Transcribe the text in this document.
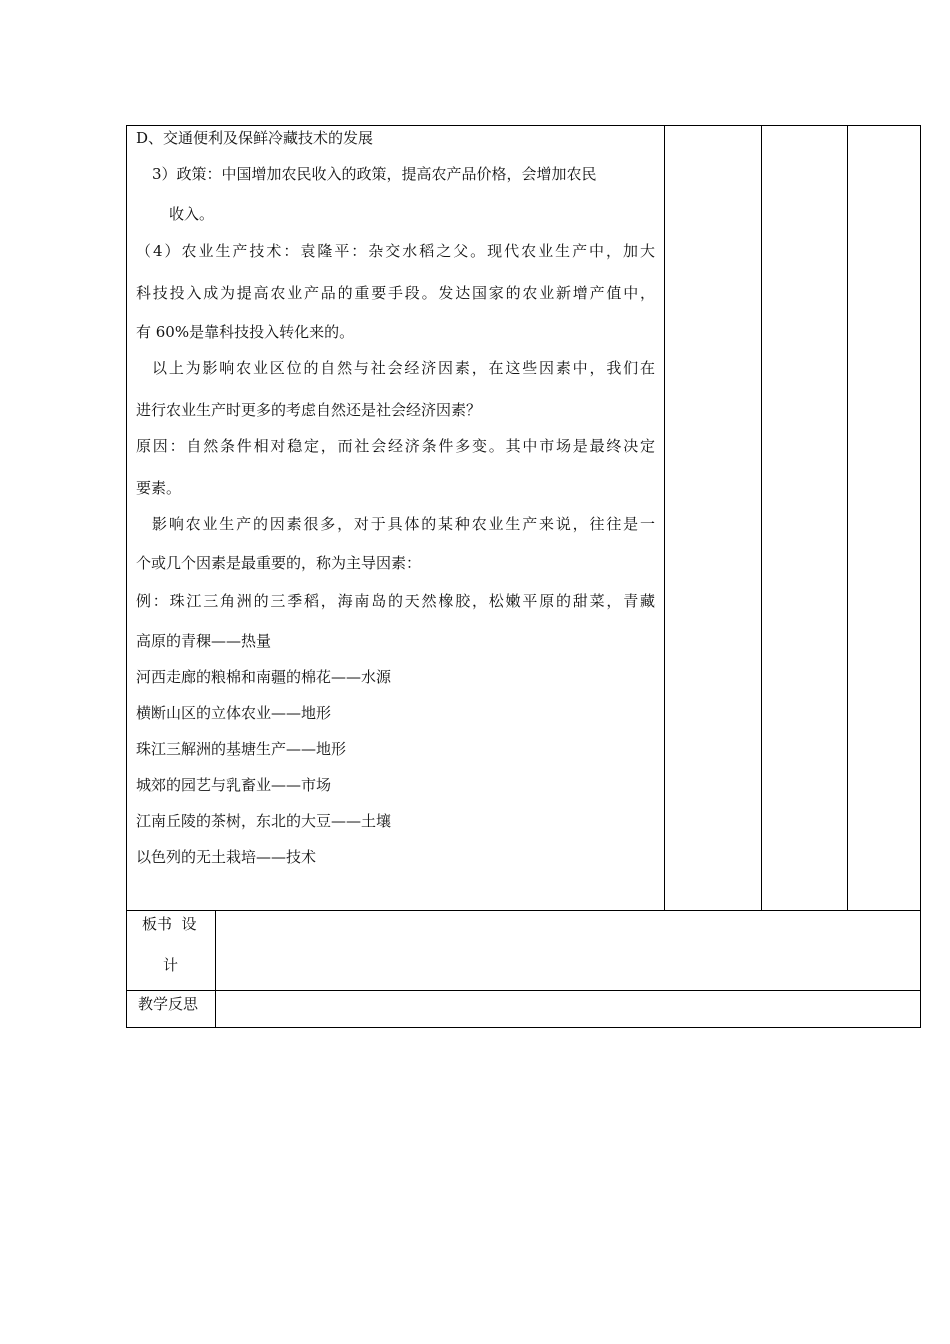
D、交通便利及保鲜冷藏技术的发展
3）政策：中国增加农民收入的政策，提高农产品价格，会增加农民
收入。
（4）农业生产技术：袁隆平：杂交水稻之父。现代农业生产中，加大
科技投入成为提高农业产品的重要手段。发达国家的农业新增产值中，
有 60%是靠科技投入转化来的。
以上为影响农业区位的自然与社会经济因素，在这些因素中，我们在
进行农业生产时更多的考虑自然还是社会经济因素？
原因：自然条件相对稳定，而社会经济条件多变。其中市场是最终决定
要素。
影响农业生产的因素很多，对于具体的某种农业生产来说，往往是一
个或几个因素是最重要的，称为主导因素：
例：珠江三角洲的三季稻，海南岛的天然橡胶，松嫩平原的甜菜，青藏
高原的青稞——热量
河西走廊的粮棉和南疆的棉花——水源
横断山区的立体农业——地形
珠江三解洲的基塘生产——地形
城郊的园艺与乳畜业——市场
江南丘陵的茶树，东北的大豆——土壤
以色列的无土栽培——技术
板书  设
计
教学反思
